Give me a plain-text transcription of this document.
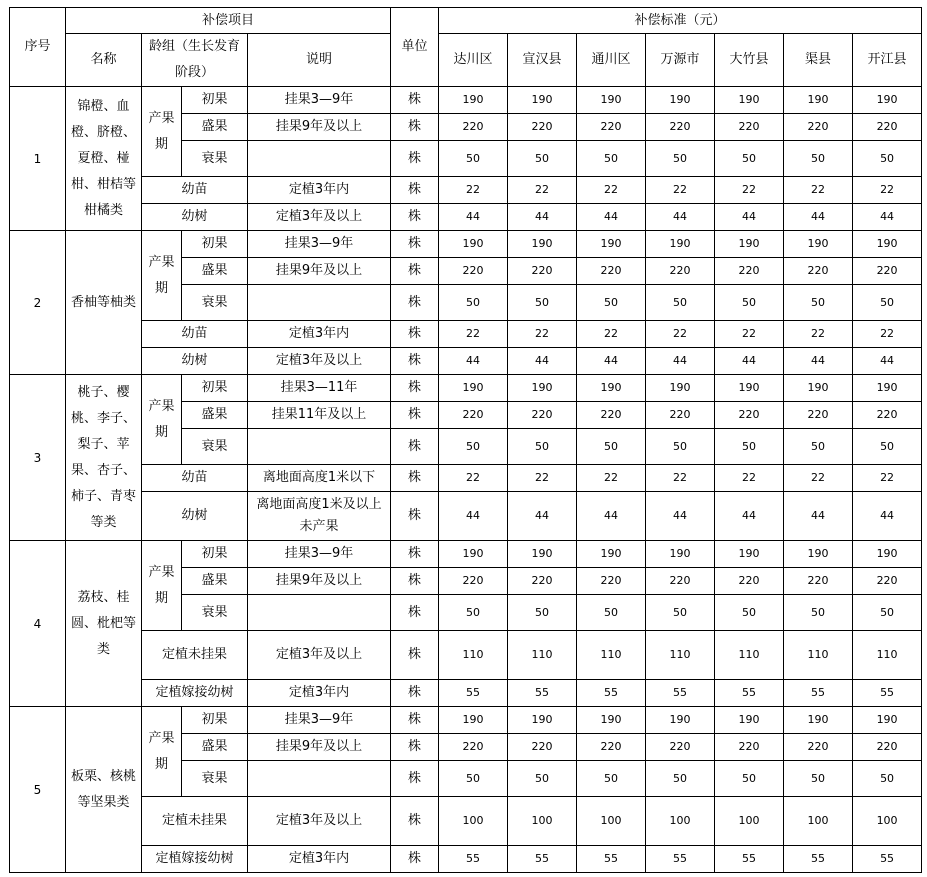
序号	补偿项目				单位	补偿标准（元）						
	名称	龄组（生长发育阶段）		说明		达川区	宣汉县	通川区	万源市	大竹县	渠县	开江县
1	锦橙、血橙、脐橙、夏橙、椪柑、柑桔等柑橘类	产果期	初果	挂果3—9年	株	190	190	190	190	190	190	190
			盛果	挂果9年及以上	株	220	220	220	220	220	220	220
			衰果		株	50	50	50	50	50	50	50
		幼苗		定植3年内	株	22	22	22	22	22	22	22
		幼树		定植3年及以上	株	44	44	44	44	44	44	44
2	香柚等柚类	产果期	初果	挂果3—9年	株	190	190	190	190	190	190	190
			盛果	挂果9年及以上	株	220	220	220	220	220	220	220
			衰果		株	50	50	50	50	50	50	50
		幼苗		定植3年内	株	22	22	22	22	22	22	22
		幼树		定植3年及以上	株	44	44	44	44	44	44	44
3	桃子、樱桃、李子、梨子、苹果、杏子、柿子、青枣等类	产果期	初果	挂果3—11年	株	190	190	190	190	190	190	190
			盛果	挂果11年及以上	株	220	220	220	220	220	220	220
			衰果		株	50	50	50	50	50	50	50
		幼苗		离地面高度1米以下	株	22	22	22	22	22	22	22
		幼树		离地面高度1米及以上未产果	株	44	44	44	44	44	44	44
4	荔枝、桂圆、枇杷等类	产果期	初果	挂果3—9年	株	190	190	190	190	190	190	190
			盛果	挂果9年及以上	株	220	220	220	220	220	220	220
			衰果		株	50	50	50	50	50	50	50
		定植未挂果		定植3年及以上	株	110	110	110	110	110	110	110
		定植嫁接幼树		定植3年内	株	55	55	55	55	55	55	55
5	板栗、核桃等坚果类	产果期	初果	挂果3—9年	株	190	190	190	190	190	190	190
			盛果	挂果9年及以上	株	220	220	220	220	220	220	220
			衰果		株	50	50	50	50	50	50	50
		定植未挂果		定植3年及以上	株	100	100	100	100	100	100	100
		定植嫁接幼树		定植3年内	株	55	55	55	55	55	55	55
